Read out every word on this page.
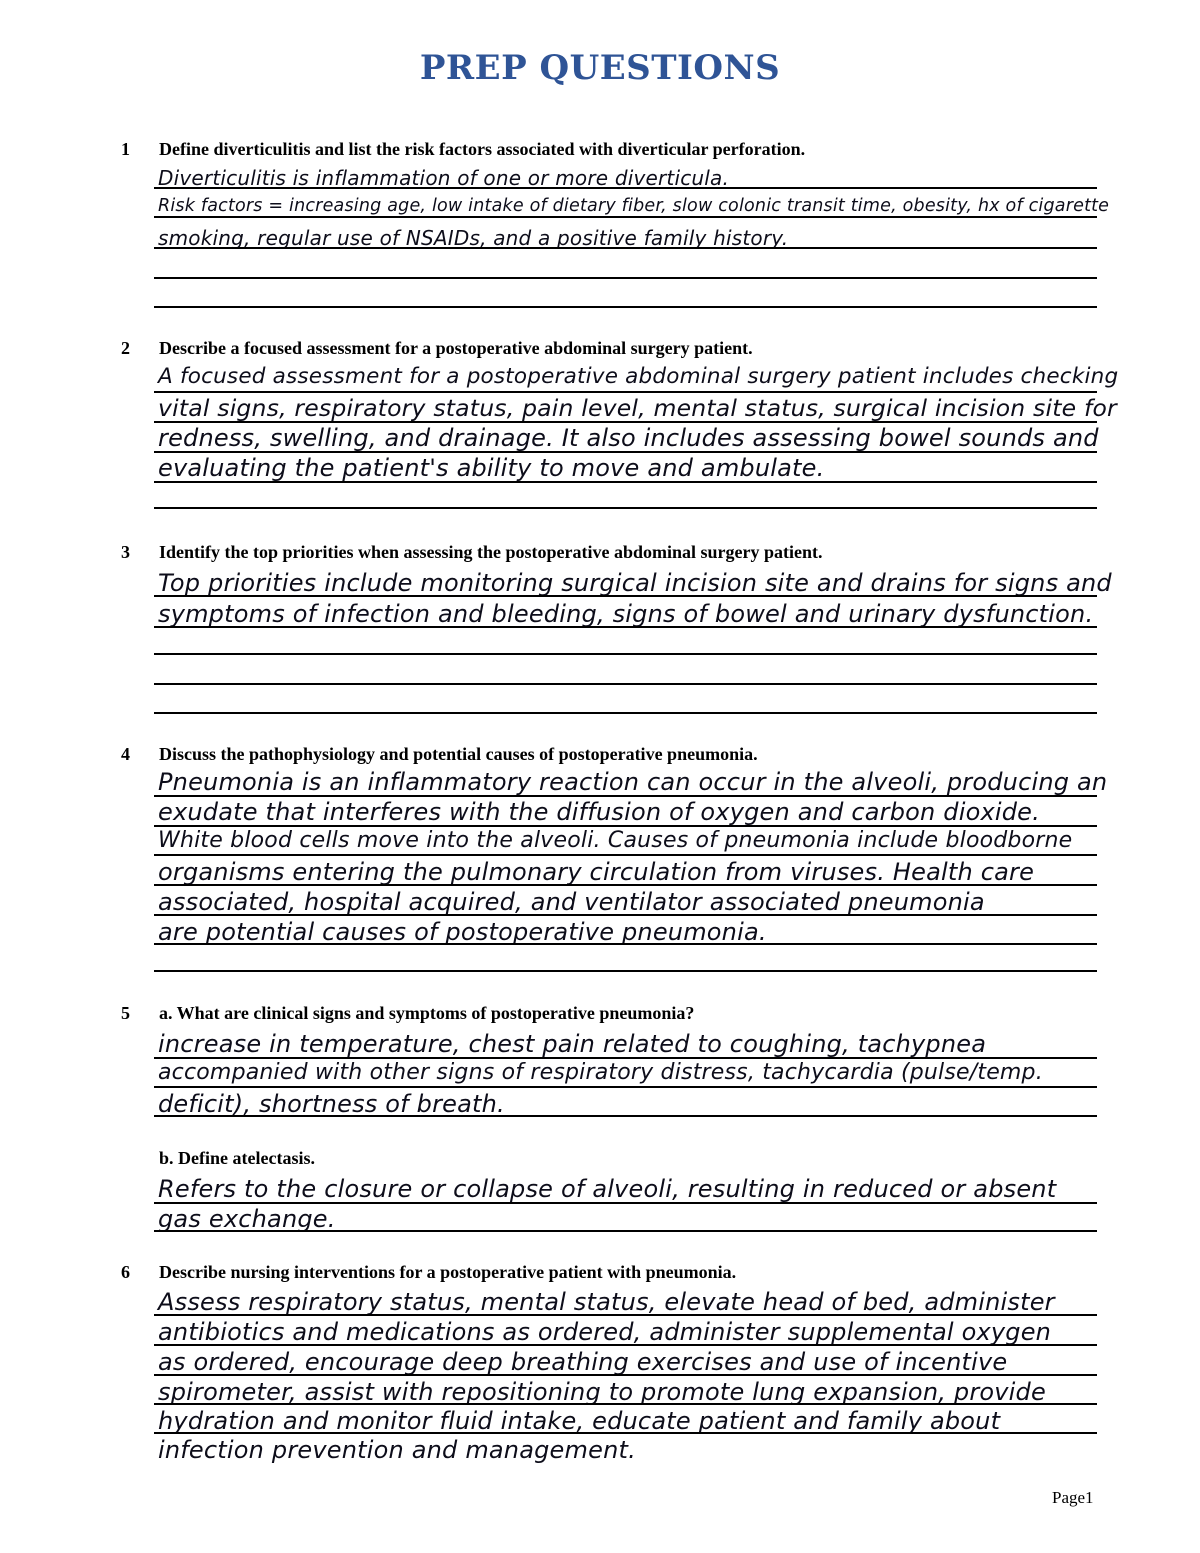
PREP QUESTIONS
1 Define diverticulitis and list the risk factors associated with diverticular perforation.
Diverticulitis is inflammation of one or more diverticula.
Risk factors = increasing age, low intake of dietary fiber, slow colonic transit time, obesity, hx of cigarette
smoking, regular use of NSAIDs, and a positive family history.
2 Describe a focused assessment for a postoperative abdominal surgery patient.
A focused assessment for a postoperative abdominal surgery patient includes checking
vital signs, respiratory status, pain level, mental status, surgical incision site for
redness, swelling, and drainage. It also includes assessing bowel sounds and
evaluating the patient's ability to move and ambulate.
3 Identify the top priorities when assessing the postoperative abdominal surgery patient.
Top priorities include monitoring surgical incision site and drains for signs and
symptoms of infection and bleeding, signs of bowel and urinary dysfunction.
4 Discuss the pathophysiology and potential causes of postoperative pneumonia.
Pneumonia is an inflammatory reaction can occur in the alveoli, producing an
exudate that interferes with the diffusion of oxygen and carbon dioxide.
White blood cells move into the alveoli. Causes of pneumonia include bloodborne
organisms entering the pulmonary circulation from viruses. Health care
associated, hospital acquired, and ventilator associated pneumonia
are potential causes of postoperative pneumonia.
5 a. What are clinical signs and symptoms of postoperative pneumonia?
increase in temperature, chest pain related to coughing, tachypnea
accompanied with other signs of respiratory distress, tachycardia (pulse/temp.
deficit), shortness of breath.
b. Define atelectasis.
Refers to the closure or collapse of alveoli, resulting in reduced or absent
gas exchange.
6 Describe nursing interventions for a postoperative patient with pneumonia.
Assess respiratory status, mental status, elevate head of bed, administer
antibiotics and medications as ordered, administer supplemental oxygen
as ordered, encourage deep breathing exercises and use of incentive
spirometer, assist with repositioning to promote lung expansion, provide
hydration and monitor fluid intake, educate patient and family about
infection prevention and management.
Page1
